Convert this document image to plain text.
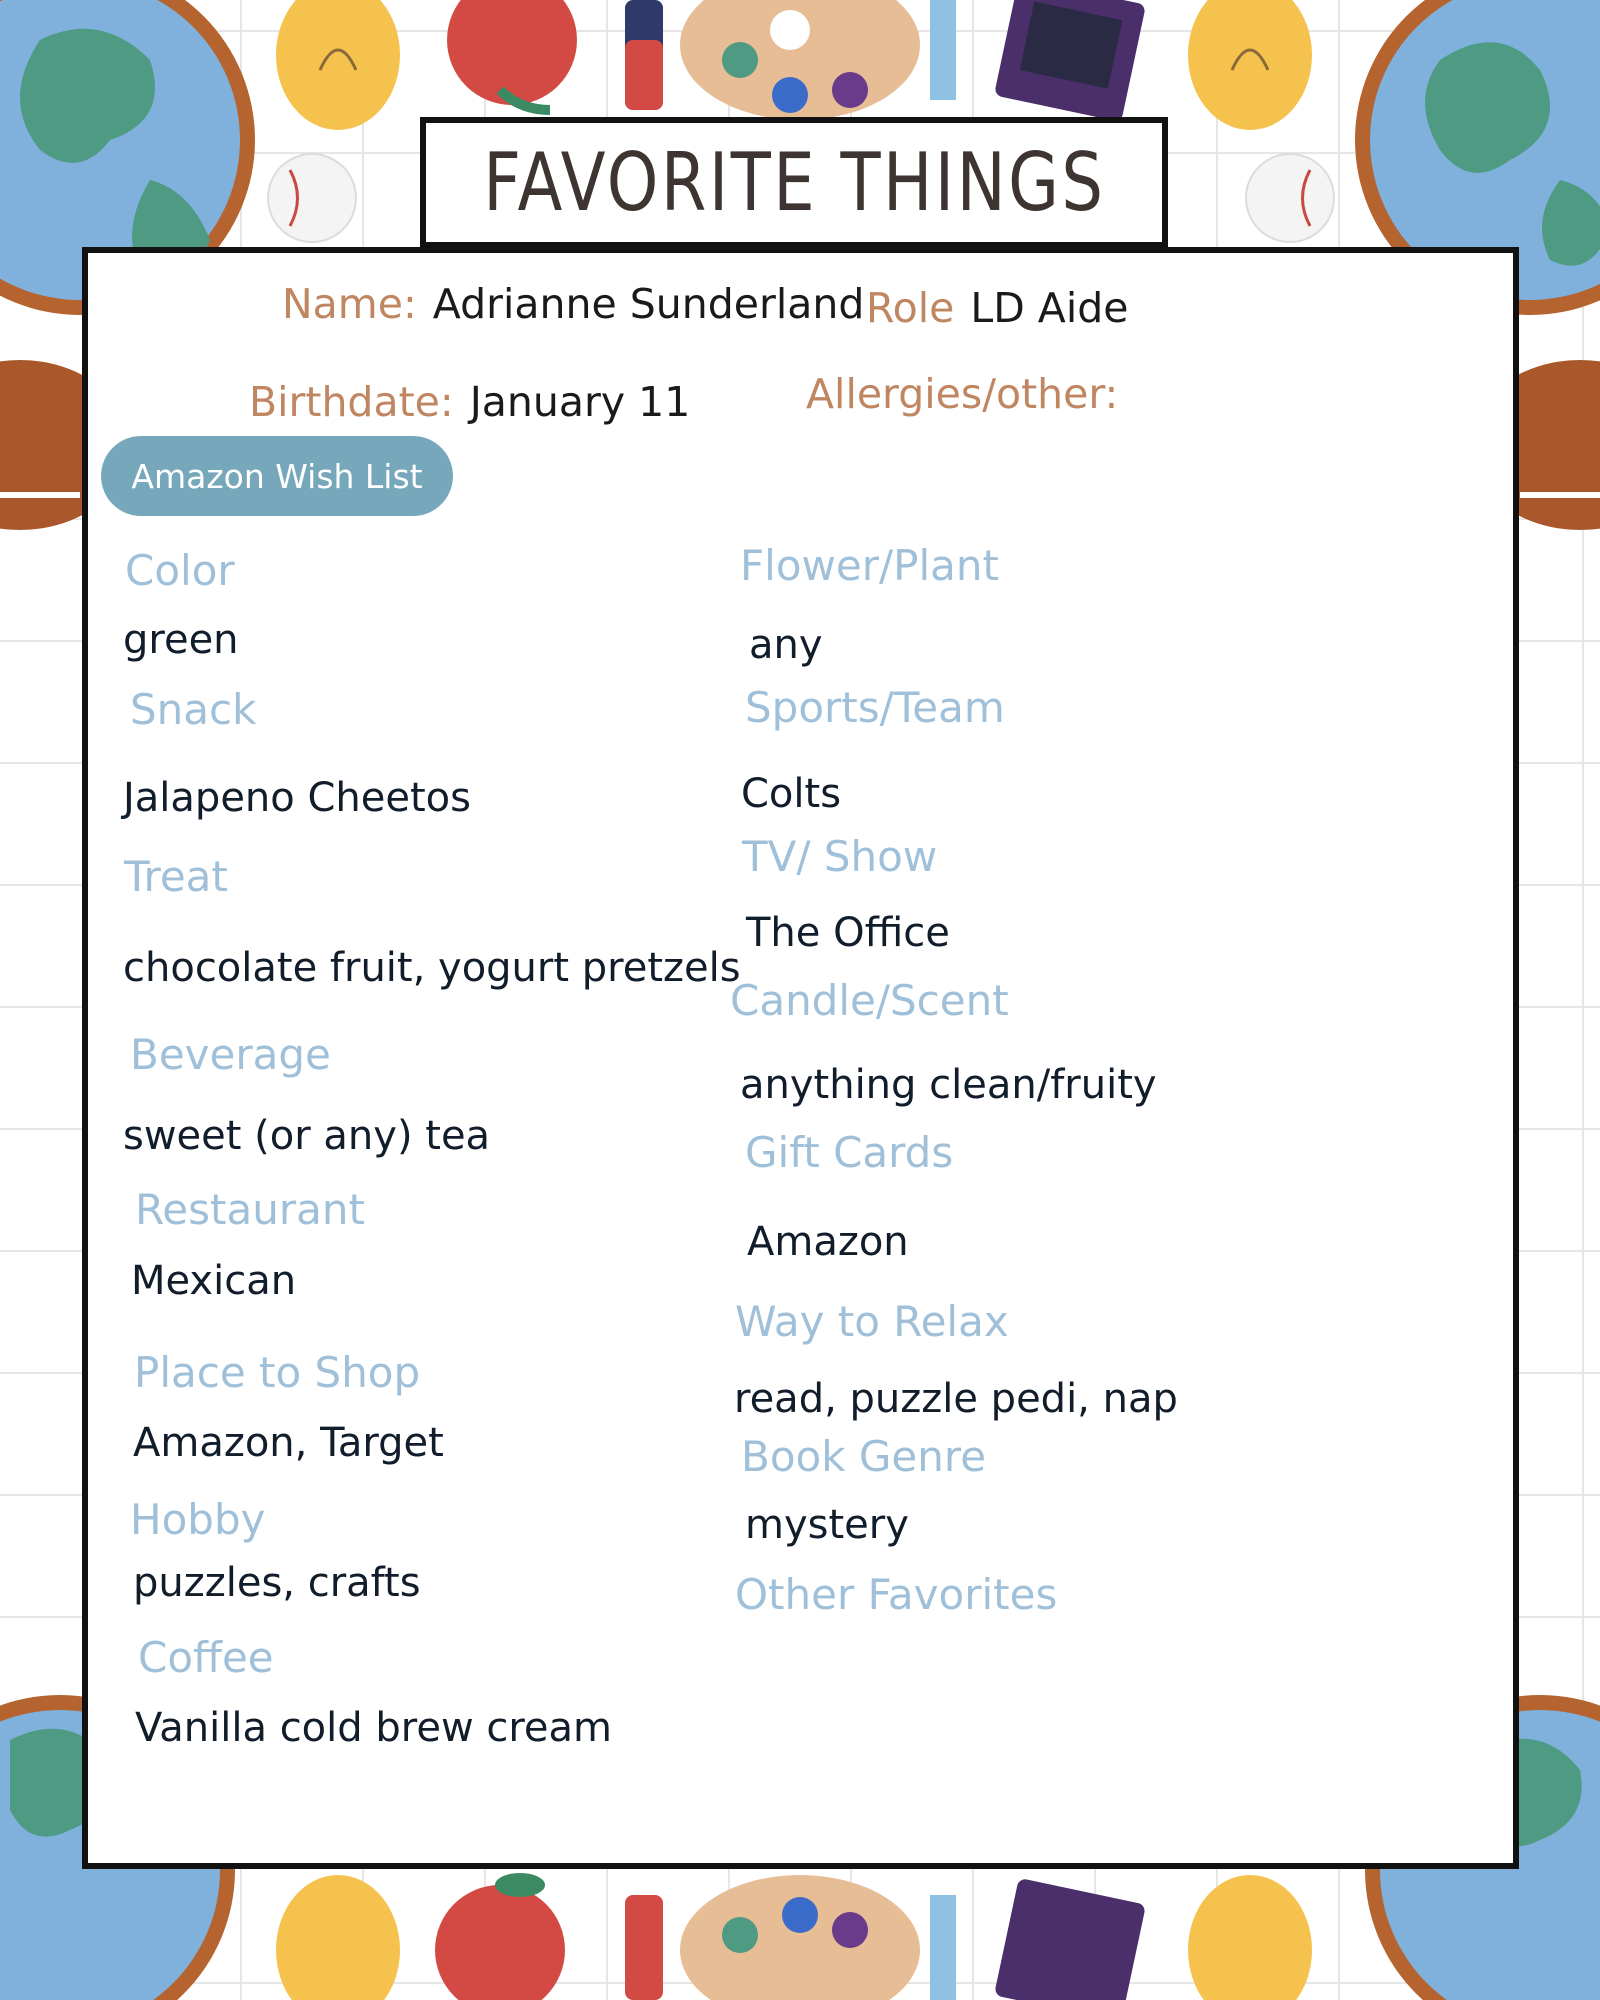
FAVORITE THINGS
Name: Adrianne Sunderland Role LD Aide
Birthdate: January 11	Allergies/other:
Amazon Wish List
Color
green
Snack
Jalapeno Cheetos
Treat
chocolate fruit, yogurt pretzels
Beverage
sweet (or any) tea
Restaurant
Mexican
Place to Shop
Amazon, Target
Hobby
puzzles, crafts
Coffee
Vanilla cold brew cream
Flower/Plant
any
Sports/Team
Colts
TV/ Show
The Office
Candle/Scent
anything clean/fruity
Gift Cards
Amazon
Way to Relax
read, puzzle pedi, nap
Book Genre
mystery
Other Favorites
